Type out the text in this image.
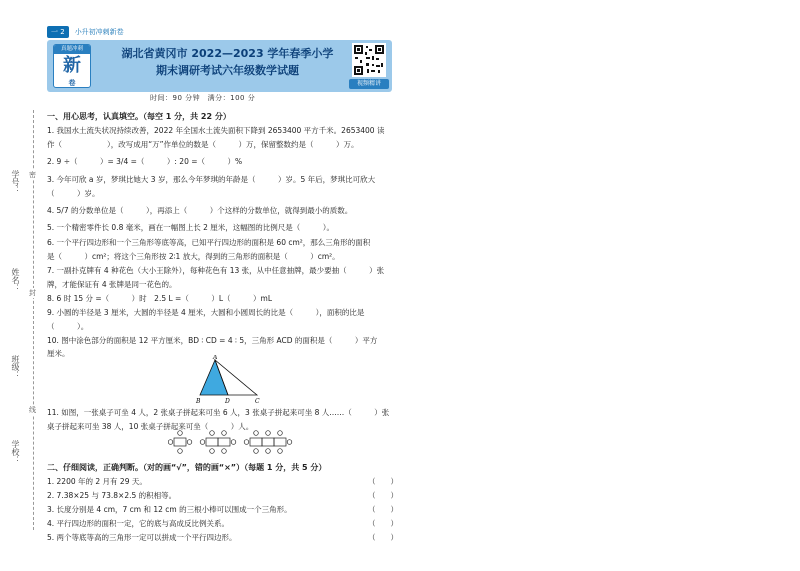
一 2	小升初冲刺新卷
真题冲刺
新
卷
湖北省黄冈市 2022—2023 学年春季小学
期末调研考试六年级数学试题
视频精讲
时间：90 分钟　满分：100 分
学号：
姓名：
班级：
学校：
密
封
线
一、用心思考，认真填空。（每空 1 分，共 22 分）
1. 我国水土流失状况持续改善，2022 年全国水土流失面积下降到 2653400 平方千米。2653400 读
作（　　　　　　），改写成用“万”作单位的数是（　　　）万，保留整数约是（　　　）万。
2. 9 ÷（　　　）= 3/4 =（　　　）: 20 =（　　　）%
3. 今年可欣 a 岁，梦琪比她大 3 岁，那么今年梦琪的年龄是（　　　）岁。5 年后，梦琪比可欣大
（　　　）岁。
4. 5/7 的分数单位是（　　　），再添上（　　　）个这样的分数单位，就得到最小的质数。
5. 一个精密零件长 0.8 毫米，画在一幅图上长 2 厘米，这幅图的比例尺是（　　　）。
6. 一个平行四边形和一个三角形等底等高，已知平行四边形的面积是 60 cm²，那么三角形的面积
是（　　　）cm²；将这个三角形按 2∶1 放大，得到的三角形的面积是（　　　）cm²。
7. 一副扑克牌有 4 种花色（大小王除外），每种花色有 13 张，从中任意抽牌，最少要抽（　　　）张
牌，才能保证有 4 张牌是同一花色的。
8. 6 时 15 分 =（　　　）时　2.5 L =（　　　）L（　　　）mL
9. 小圆的半径是 3 厘米，大圆的半径是 4 厘米，大圆和小圆周长的比是（　　　），面积的比是
（　　　）。
10. 图中涂色部分的面积是 12 平方厘米，BD ∶ CD = 4 ∶ 5，三角形 ACD 的面积是（　　　）平方
厘米。	A
B	D	C
11. 如图，一张桌子可坐 4 人，2 张桌子拼起来可坐 6 人，3 张桌子拼起来可坐 8 人……（　　　）张
桌子拼起来可坐 38 人，10 张桌子拼起来可坐（　　　）人。
二、仔细阅读，正确判断。（对的画“√”，错的画“×”）（每题 1 分，共 5 分）
1. 2200 年的 2 月有 29 天。	（　　）
2. 7.38×25 与 73.8×2.5 的积相等。	（　　）
3. 长度分别是 4 cm，7 cm 和 12 cm 的三根小棒可以围成一个三角形。	（　　）
4. 平行四边形的面积一定，它的底与高成反比例关系。	（　　）
5. 两个等底等高的三角形一定可以拼成一个平行四边形。	（　　）
